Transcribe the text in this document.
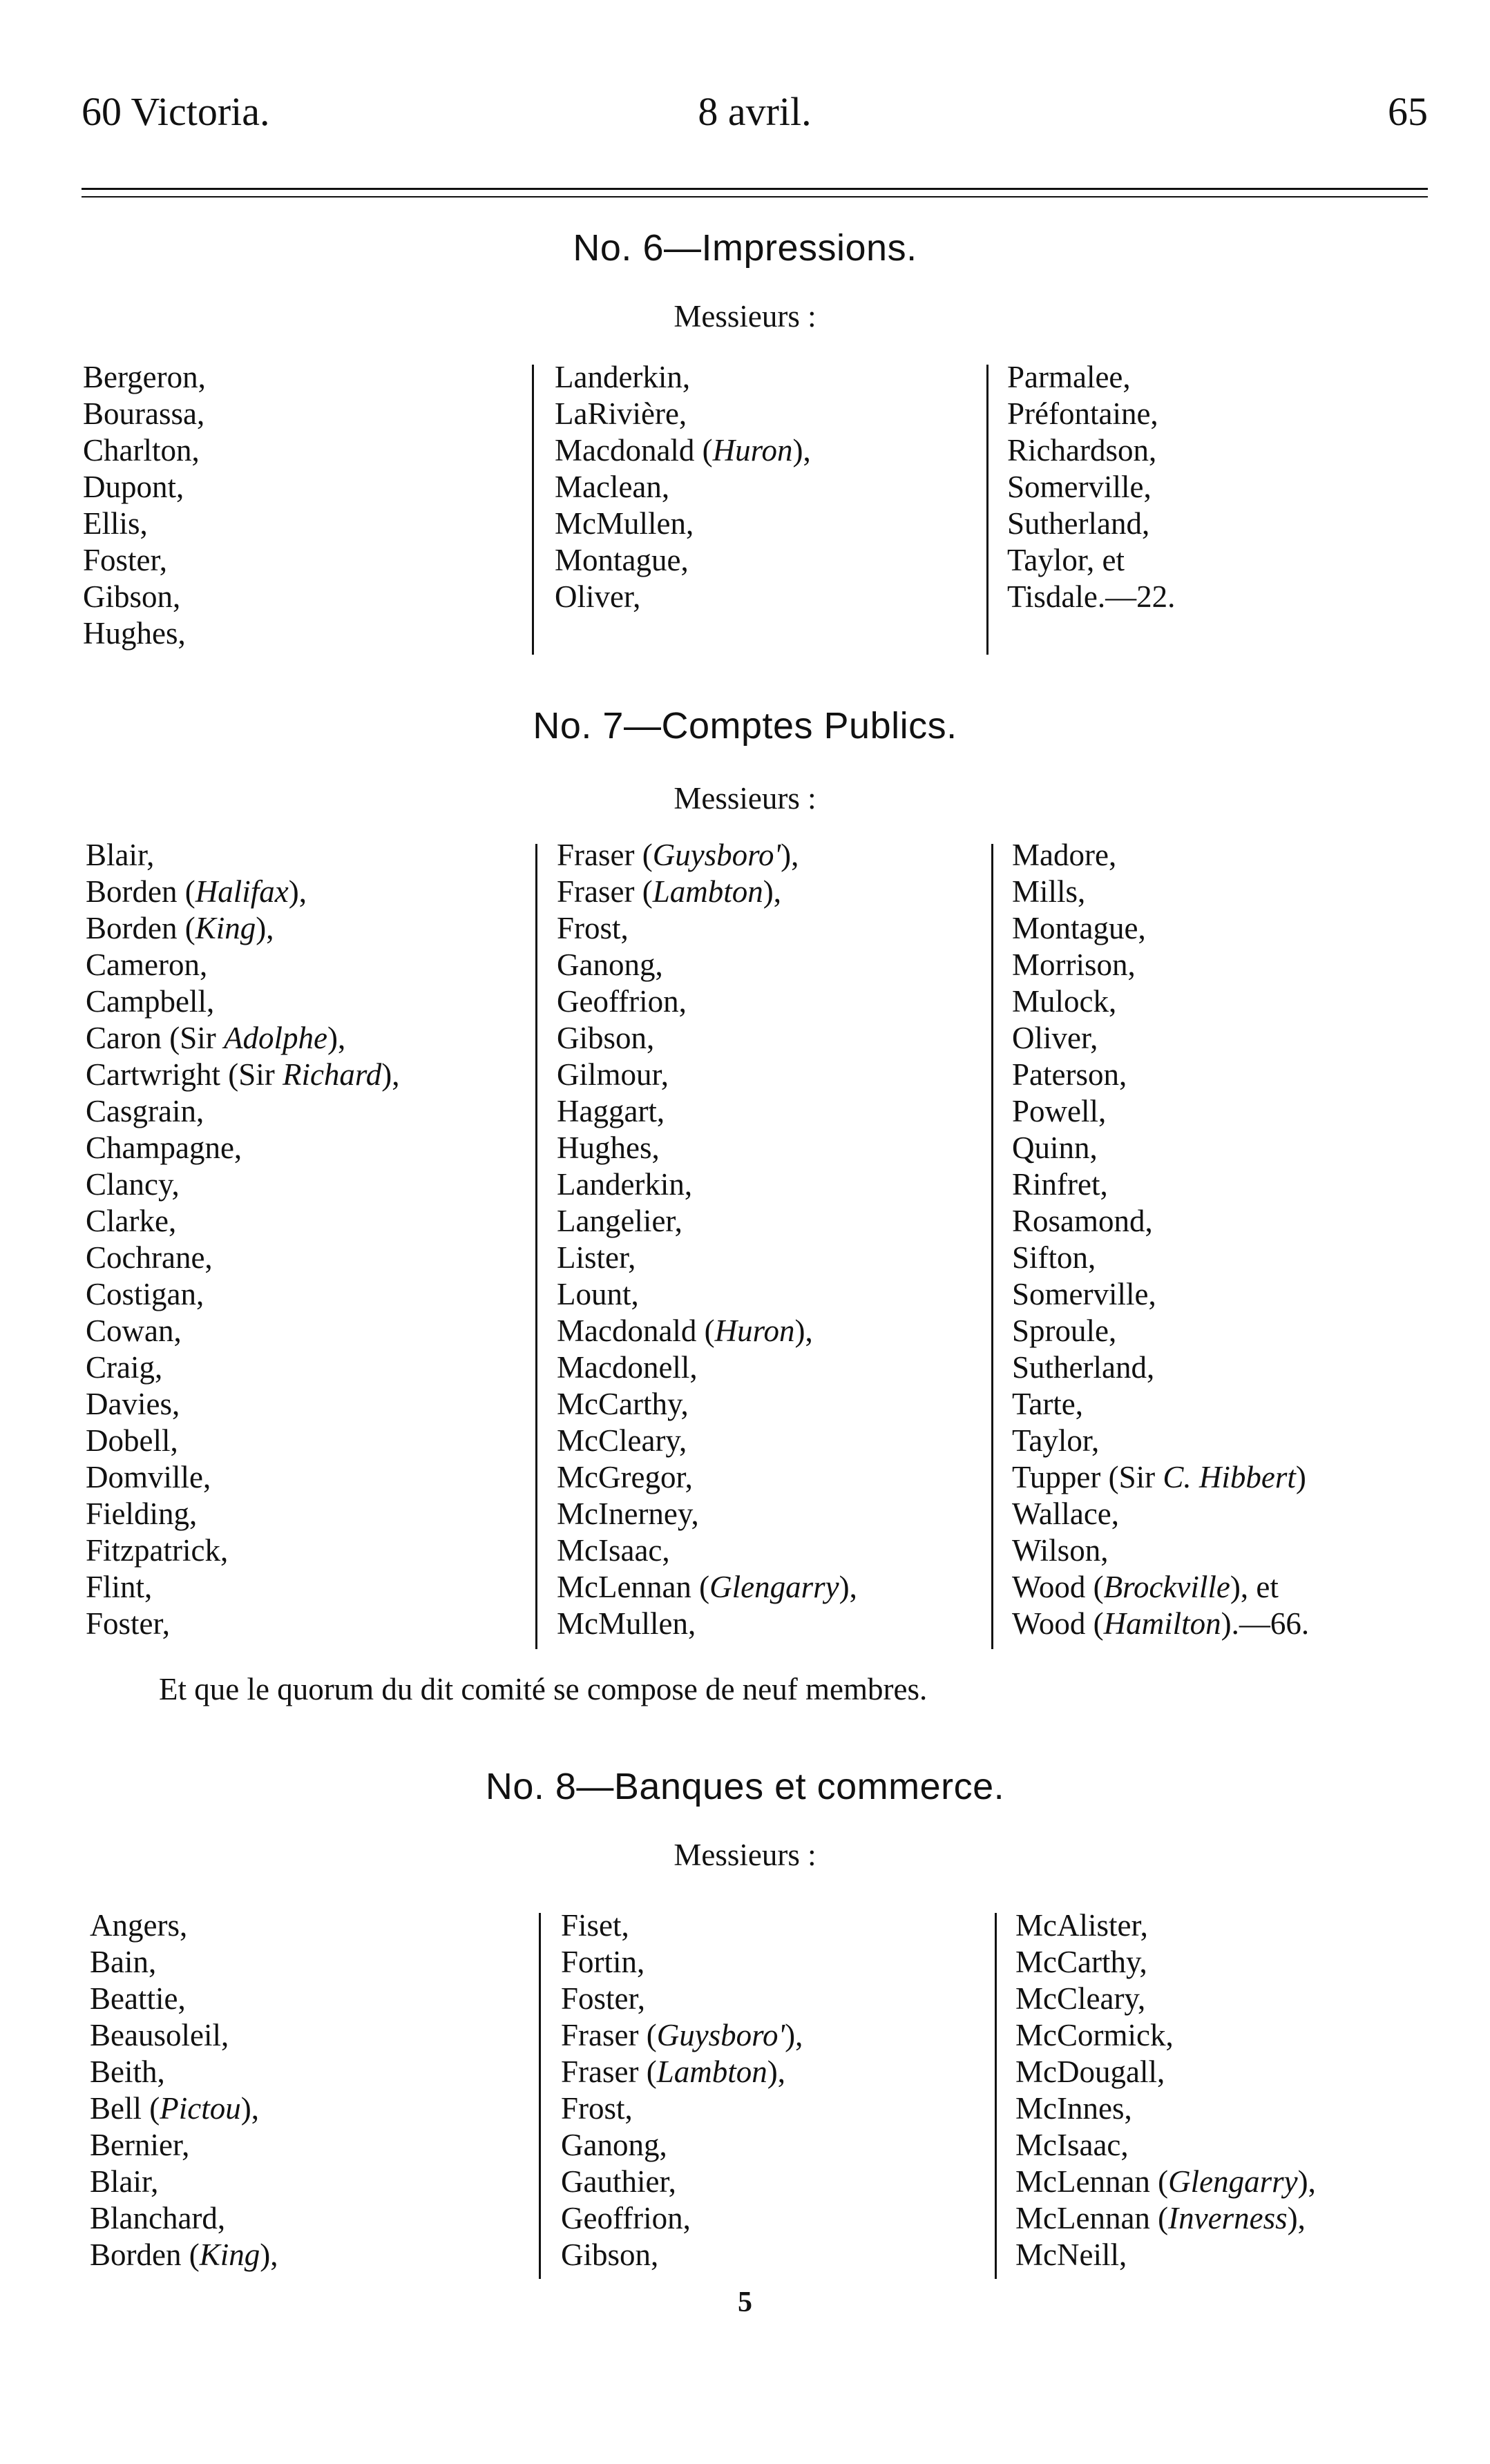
60 Victoria.	8 avril.	65
No. 6—Impressions.
Messieurs :
Bergeron,
Bourassa,
Charlton,
Dupont,
Ellis,
Foster,
Gibson,
Hughes,
Landerkin,
LaRivière,
Macdonald (Huron),
Maclean,
McMullen,
Montague,
Oliver,
Parmalee,
Préfontaine,
Richardson,
Somerville,
Sutherland,
Taylor, et
Tisdale.—22.
No. 7—Comptes Publics.
Messieurs :
Blair,
Borden (Halifax),
Borden (King),
Cameron,
Campbell,
Caron (Sir Adolphe),
Cartwright (Sir Richard),
Casgrain,
Champagne,
Clancy,
Clarke,
Cochrane,
Costigan,
Cowan,
Craig,
Davies,
Dobell,
Domville,
Fielding,
Fitzpatrick,
Flint,
Foster,
Fraser (Guysboro'),
Fraser (Lambton),
Frost,
Ganong,
Geoffrion,
Gibson,
Gilmour,
Haggart,
Hughes,
Landerkin,
Langelier,
Lister,
Lount,
Macdonald (Huron),
Macdonell,
McCarthy,
McCleary,
McGregor,
McInerney,
McIsaac,
McLennan (Glengarry),
McMullen,
Madore,
Mills,
Montague,
Morrison,
Mulock,
Oliver,
Paterson,
Powell,
Quinn,
Rinfret,
Rosamond,
Sifton,
Somerville,
Sproule,
Sutherland,
Tarte,
Taylor,
Tupper (Sir C. Hibbert)
Wallace,
Wilson,
Wood (Brockville), et
Wood (Hamilton).—66.
Et que le quorum du dit comité se compose de neuf membres.
No. 8—Banques et commerce.
Messieurs :
Angers,
Bain,
Beattie,
Beausoleil,
Beith,
Bell (Pictou),
Bernier,
Blair,
Blanchard,
Borden (King),
Fiset,
Fortin,
Foster,
Fraser (Guysboro'),
Fraser (Lambton),
Frost,
Ganong,
Gauthier,
Geoffrion,
Gibson,
McAlister,
McCarthy,
McCleary,
McCormick,
McDougall,
McInnes,
McIsaac,
McLennan (Glengarry),
McLennan (Inverness),
McNeill,
5
